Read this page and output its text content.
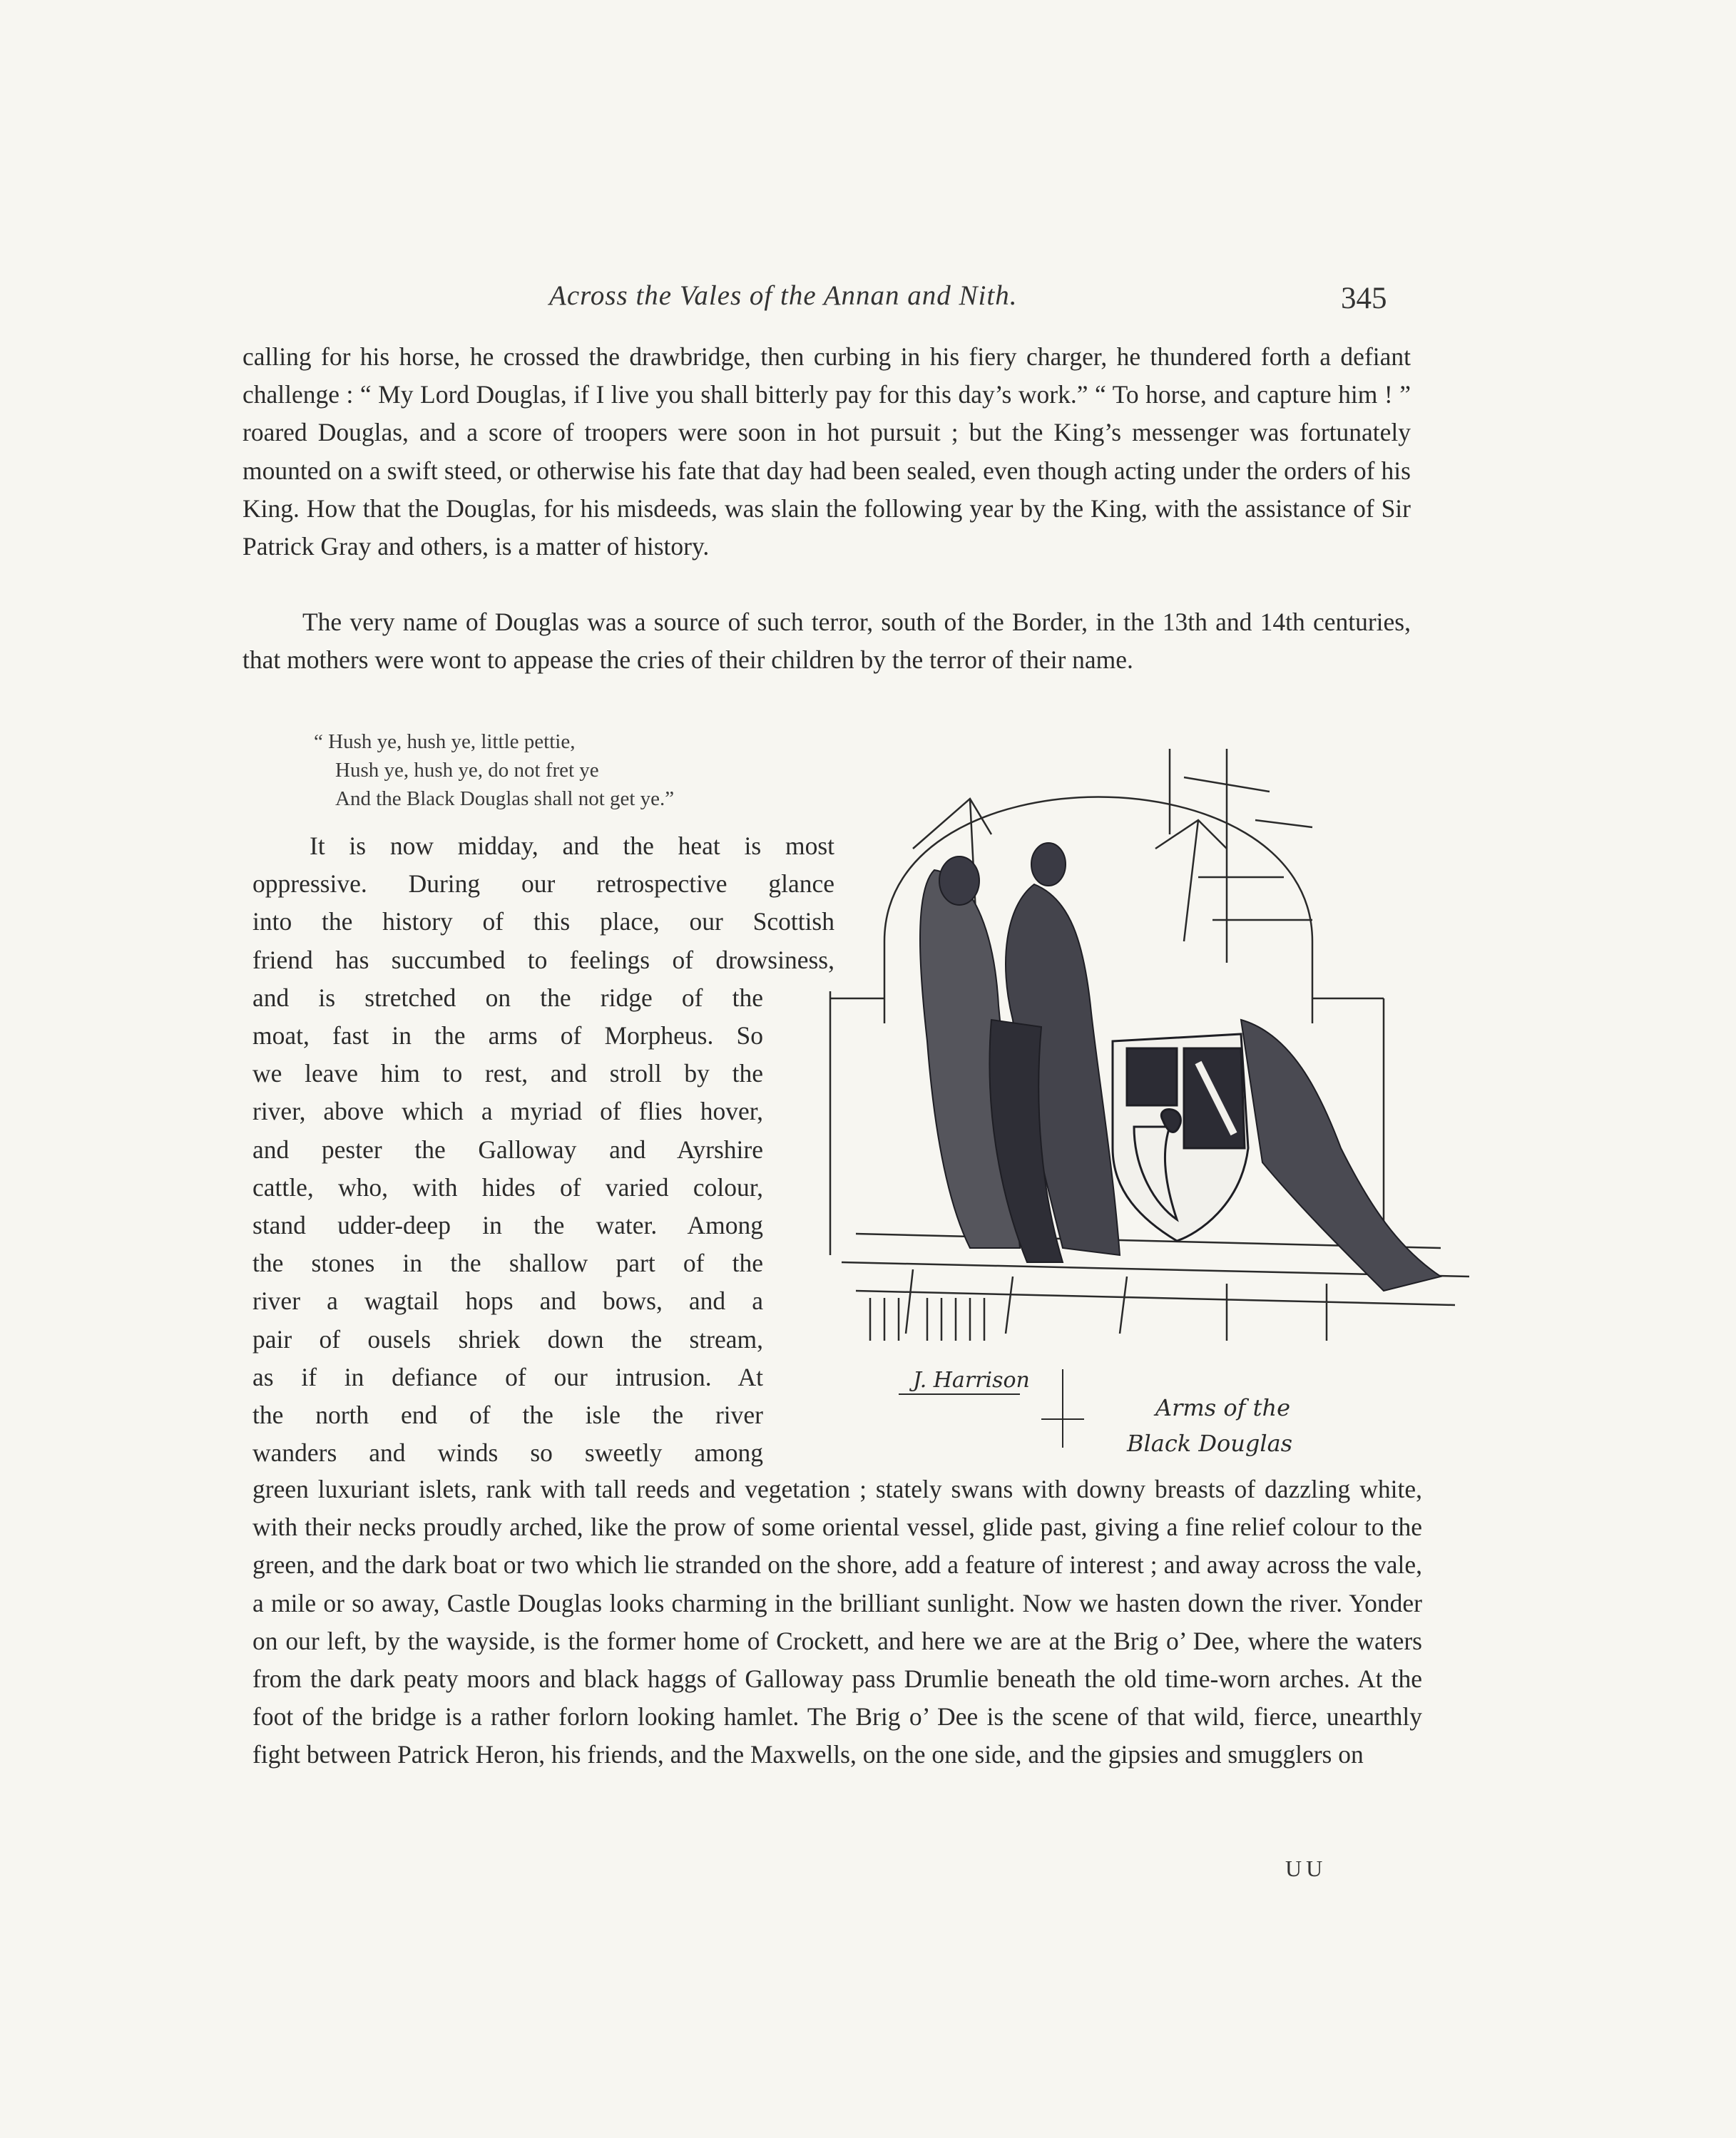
Across the Vales of the Annan and Nith.	345

calling for his horse, he crossed the drawbridge, then curbing in his fiery charger, he thundered forth a defiant challenge : “ My Lord Douglas, if I live you shall bitterly pay for this day’s work.” “ To horse, and capture him ! ” roared Douglas, and a score of troopers were soon in hot pursuit ; but the King’s messenger was fortunately mounted on a swift steed, or otherwise his fate that day had been sealed, even though acting under the orders of his King. How that the Douglas, for his misdeeds, was slain the following year by the King, with the assistance of Sir Patrick Gray and others, is a matter of history.

The very name of Douglas was a source of such terror, south of the Border, in the 13th and 14th centuries, that mothers were wont to appease the cries of their children by the terror of their name.

“ Hush ye, hush ye, little pettie,
Hush ye, hush ye, do not fret ye
And the Black Douglas shall not get ye.”
It is now midday, and the heat is most
oppressive. During our retrospective glance
into the history of this place, our Scottish
friend has succumbed to feelings of drowsiness,
and is stretched on the ridge of the
moat, fast in the arms of Morpheus. So
we leave him to rest, and stroll by the
river, above which a myriad of flies hover,
and pester the Galloway and Ayrshire
cattle, who, with hides of varied colour,
stand udder-deep in the water. Among
the stones in the shallow part of the
river a wagtail hops and bows, and a
pair of ousels shriek down the stream,
as if in defiance of our intrusion. At
the north end of the isle the river
wanders and winds so sweetly among

green luxuriant islets, rank with tall reeds and vegetation ; stately swans with downy breasts of dazzling white, with their necks proudly arched, like the prow of some oriental vessel, glide past, giving a fine relief colour to the green, and the dark boat or two which lie stranded on the shore, add a feature of interest ; and away across the vale, a mile or so away, Castle Douglas looks charming in the brilliant sunlight. Now we hasten down the river. Yonder on our left, by the wayside, is the former home of Crockett, and here we are at the Brig o’ Dee, where the waters from the dark peaty moors and black haggs of Galloway pass Drumlie beneath the old time-worn arches. At the foot of the bridge is a rather forlorn looking hamlet. The Brig o’ Dee is the scene of that wild, fierce, unearthly fight between Patrick Heron, his friends, and the Maxwells, on the one side, and the gipsies and smugglers on

UU
J. Harrison
Arms of the
Black Douglas
